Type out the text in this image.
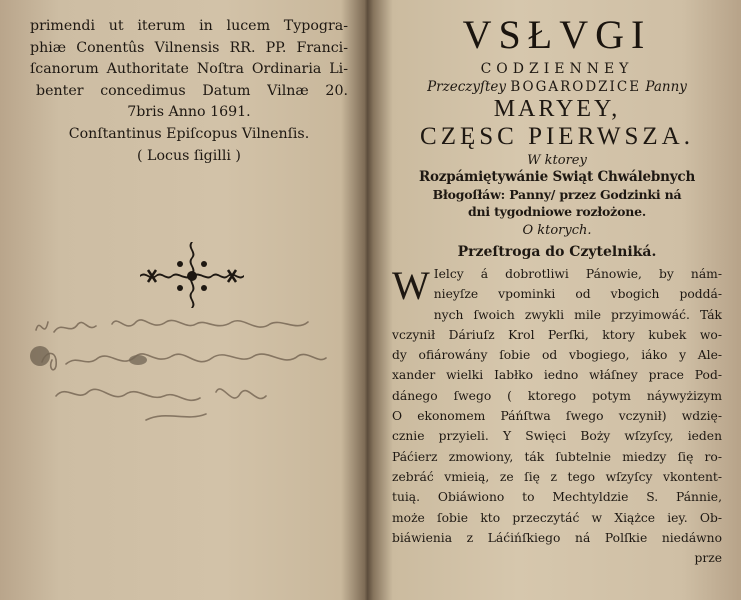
primendi ut iterum in lucem Typogra-
phiæ Conentûs Vilnensis RR. PP. Franci-
ſcanorum Authoritate Noſtra Ordinaria Li-
benter concedimus Datum Vilnæ 20.
7bris Anno 1691.
Conſtantinus Epiſcopus Vilnenſis.
( Locus ſigilli )
VSŁVGI
CODZIENNEY
Przeczyſtey BOGARODZICE Panny
MARYEY,
CZĘSC PIERWSZA.
W ktorey
Rozpámiętywánie Swiąt Chwálebnych
Błogoſłáw: Panny/ przez Godzinki ná
dni tygodniowe rozłożone.
O ktorych.
Przeſtroga do Czytelniká.
W Ielcy á dobrotliwi Pánowie, by nám-
nieyſze vpominki od vbogich poddá-
nych ſwoich zwykli mile przyimowáć. Ták
vczynił Dáriuſz Krol Perſki, ktory kubek wo-
dy ofiárowány ſobie od vbogiego, iáko y Ale-
xander wielki Iabłko iedno włáſney prace Pod-
dánego ſwego ( ktorego potym náywyżizym
O ekonomem Páńſtwa ſwego vczynił) wdzię-
cznie przyieli. Y Swięci Boży wſzyſcy, ieden
Páćierz zmowiony, ták ſubtelnie miedzy ſię ro-
zebráć vmieią, ze ſię z tego wſzyſcy vkontent-
tuią. Obiáwiono to Mechtyldzie S. Pánnie,
może ſobie kto przeczytáć w Xiążce iey. Ob-
biáwienia z Láćińſkiego ná Polſkie niedáwno
prze
